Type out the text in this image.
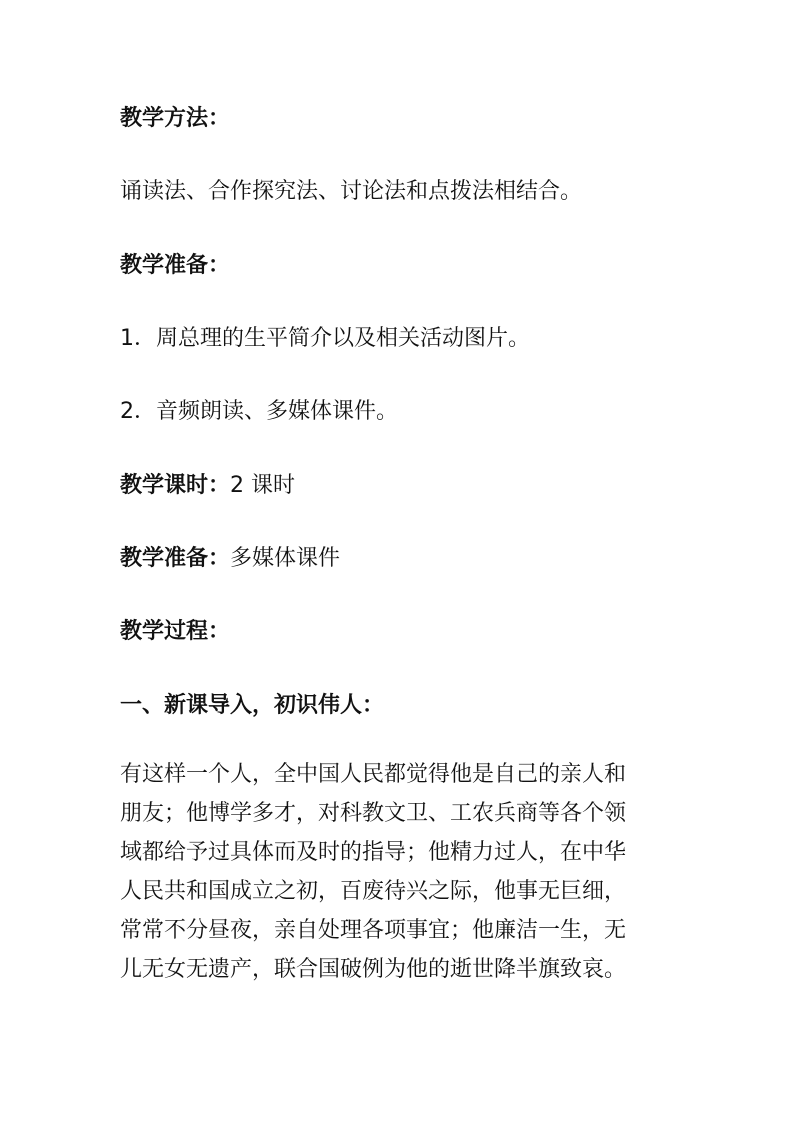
教学方法：
诵读法、合作探究法、讨论法和点拨法相结合。
教学准备：
1．周总理的生平简介以及相关活动图片。
2．音频朗读、多媒体课件。
教学课时：2 课时
教学准备：多媒体课件
教学过程：
一、新课导入，初识伟人：
有这样一个人，全中国人民都觉得他是自己的亲人和
朋友；他博学多才，对科教文卫、工农兵商等各个领
域都给予过具体而及时的指导；他精力过人，在中华
人民共和国成立之初，百废待兴之际，他事无巨细，
常常不分昼夜，亲自处理各项事宜；他廉洁一生，无
儿无女无遗产，联合国破例为他的逝世降半旗致哀。
